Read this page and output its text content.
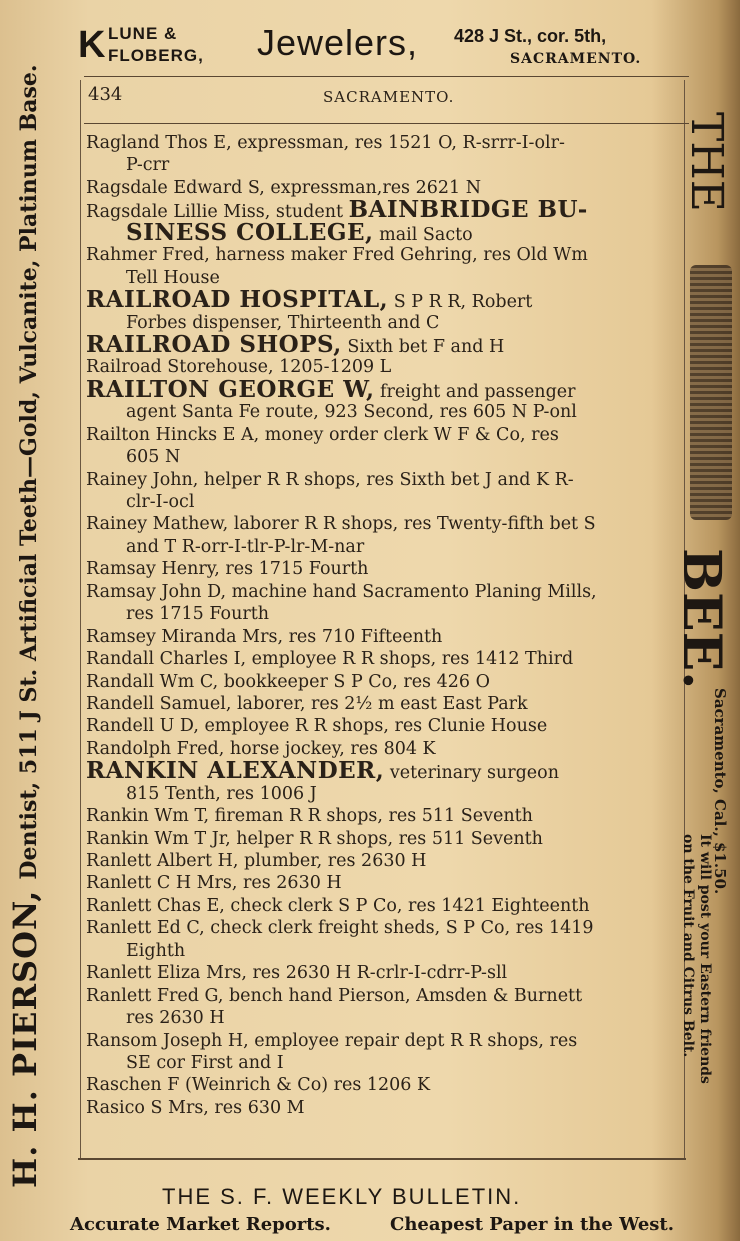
K LUNE &
FLOBERG, Jewelers, 428 J St., cor. 5th,
SACRAMENTO.
434	SACRAMENTO.
H. H. PIERSON,Dentist, 511 J St. Artificial Teeth—Gold, Vulcanite, Platinum Base.	THE
BEE.
Sacramento, Cal., $1.50.
It will post your Eastern friends
on the Fruit and Citrus Belt.
Ragland Thos E, expressman, res 1521 O, R-srrr-I-olr-
P-crr
Ragsdale Edward S, expressman,res 2621 N
Ragsdale Lillie Miss, student BAINBRIDGE BU-
SINESS COLLEGE, mail Sacto
Rahmer Fred, harness maker Fred Gehring, res Old Wm
Tell House
RAILROAD HOSPITAL, S P R R, Robert
Forbes dispenser, Thirteenth and C
RAILROAD SHOPS, Sixth bet F and H
Railroad Storehouse, 1205-1209 L
RAILTON GEORGE W, freight and passenger
agent Santa Fe route, 923 Second, res 605 N P-onl
Railton Hincks E A, money order clerk W F & Co, res
605 N
Rainey John, helper R R shops, res Sixth bet J and K R-
clr-I-ocl
Rainey Mathew, laborer R R shops, res Twenty-fifth bet S
and T R-orr-I-tlr-P-lr-M-nar
Ramsay Henry, res 1715 Fourth
Ramsay John D, machine hand Sacramento Planing Mills,
res 1715 Fourth
Ramsey Miranda Mrs, res 710 Fifteenth
Randall Charles I, employee R R shops, res 1412 Third
Randall Wm C, bookkeeper S P Co, res 426 O
Randell Samuel, laborer, res 2½ m east East Park
Randell U D, employee R R shops, res Clunie House
Randolph Fred, horse jockey, res 804 K
RANKIN ALEXANDER, veterinary surgeon
815 Tenth, res 1006 J
Rankin Wm T, fireman R R shops, res 511 Seventh
Rankin Wm T Jr, helper R R shops, res 511 Seventh
Ranlett Albert H, plumber, res 2630 H
Ranlett C H Mrs, res 2630 H
Ranlett Chas E, check clerk S P Co, res 1421 Eighteenth
Ranlett Ed C, check clerk freight sheds, S P Co, res 1419
Eighth
Ranlett Eliza Mrs, res 2630 H R-crlr-I-cdrr-P-sll
Ranlett Fred G, bench hand Pierson, Amsden & Burnett
res 2630 H
Ransom Joseph H, employee repair dept R R shops, res
SE cor First and I
Raschen F (Weinrich & Co) res 1206 K
Rasico S Mrs, res 630 M
THE S. F. WEEKLY BULLETIN.
Accurate Market Reports.	Cheapest Paper in the West.
